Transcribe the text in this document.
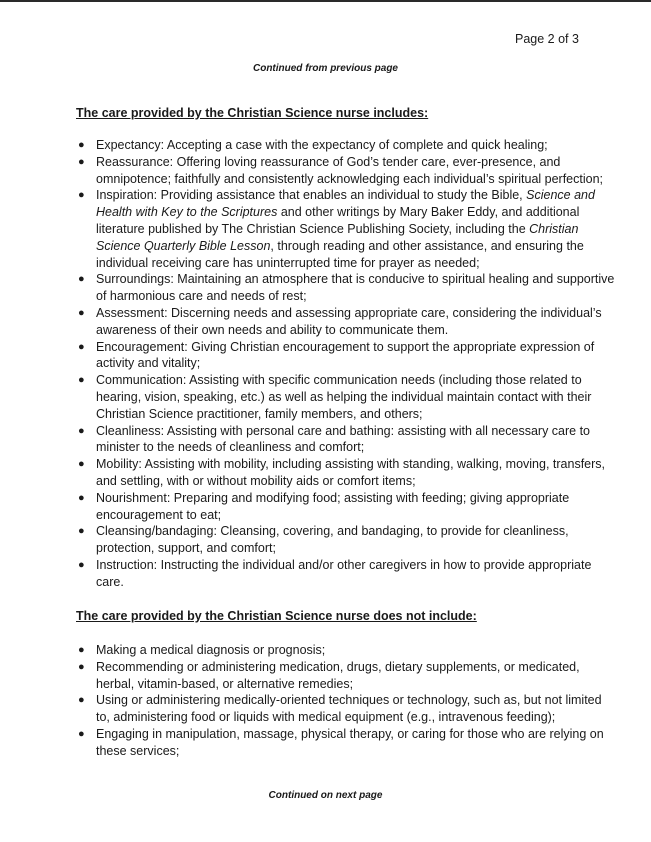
Page 2 of 3
Continued from previous page
The care provided by the Christian Science nurse includes:
● Expectancy: Accepting a case with the expectancy of complete and quick healing;
● Reassurance: Offering loving reassurance of God’s tender care, ever-presence, and omnipotence; faithfully and consistently acknowledging each individual’s spiritual perfection;
● Inspiration: Providing assistance that enables an individual to study the Bible, Science and Health with Key to the Scriptures and other writings by Mary Baker Eddy, and additional literature published by The Christian Science Publishing Society, including the Christian Science Quarterly Bible Lesson, through reading and other assistance, and ensuring the individual receiving care has uninterrupted time for prayer as needed;
● Surroundings: Maintaining an atmosphere that is conducive to spiritual healing and supportive of harmonious care and needs of rest;
● Assessment: Discerning needs and assessing appropriate care, considering the individual’s awareness of their own needs and ability to communicate them.
● Encouragement: Giving Christian encouragement to support the appropriate expression of activity and vitality;
● Communication: Assisting with specific communication needs (including those related to hearing, vision, speaking, etc.) as well as helping the individual maintain contact with their Christian Science practitioner, family members, and others;
● Cleanliness: Assisting with personal care and bathing: assisting with all necessary care to minister to the needs of cleanliness and comfort;
● Mobility: Assisting with mobility, including assisting with standing, walking, moving, transfers, and settling, with or without mobility aids or comfort items;
● Nourishment: Preparing and modifying food; assisting with feeding; giving appropriate encouragement to eat;
● Cleansing/bandaging: Cleansing, covering, and bandaging, to provide for cleanliness, protection, support, and comfort;
● Instruction: Instructing the individual and/or other caregivers in how to provide appropriate care.
The care provided by the Christian Science nurse does not include:
● Making a medical diagnosis or prognosis;
● Recommending or administering medication, drugs, dietary supplements, or medicated, herbal, vitamin-based, or alternative remedies;
● Using or administering medically-oriented techniques or technology, such as, but not limited to, administering food or liquids with medical equipment (e.g., intravenous feeding);
● Engaging in manipulation, massage, physical therapy, or caring for those who are relying on these services;
Continued on next page
